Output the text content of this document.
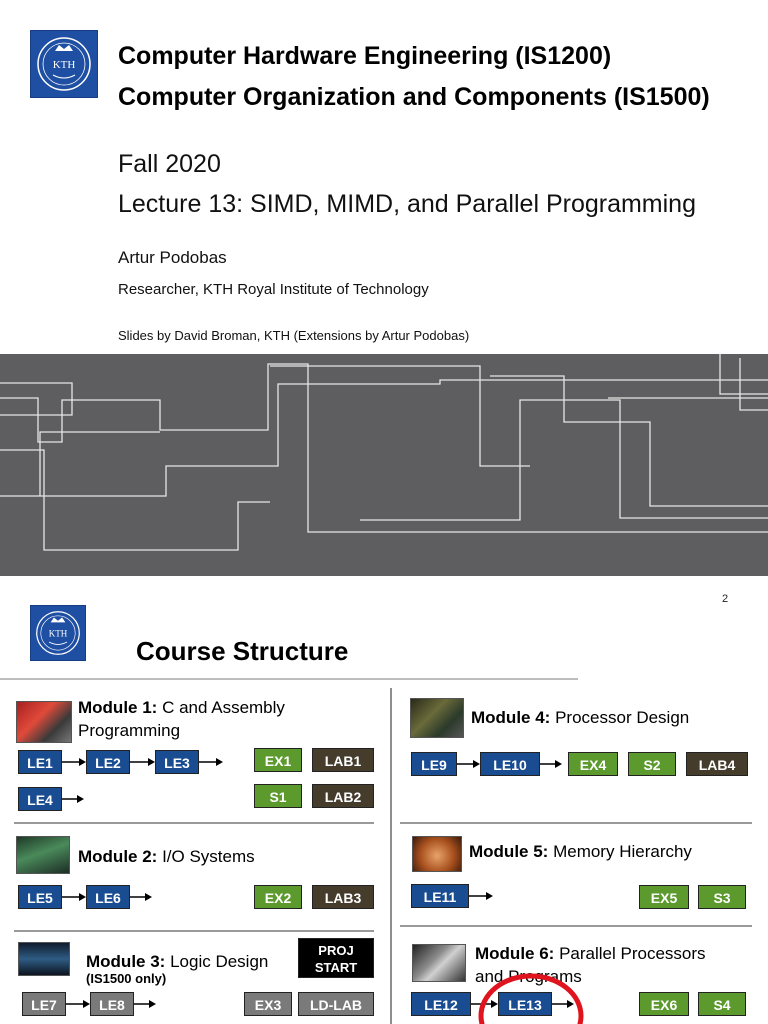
KTH Computer Hardware Engineering (IS1200)
Computer Organization and Components (IS1500)
Fall 2020
Lecture 13: SIMD, MIMD, and Parallel Programming
Artur Podobas
Researcher, KTH Royal Institute of Technology
Slides by David Broman, KTH (Extensions by Artur Podobas)
2
KTH
Course Structure
Module 1: C and Assembly
Programming
LE1	LE2	LE3
LE4
EX1	LAB1
S1	LAB2
Module 2: I/O Systems
LE5	LE6	EX2	LAB3
Module 3: Logic Design
(IS1500 only)
PROJ
START
LE7	LE8	EX3	LD-LAB
Module 4: Processor Design
LE9	LE10	EX4	S2	LAB4
Module 5: Memory Hierarchy
LE11	EX5	S3
Module 6: Parallel Processors
and Programs
LE12	LE13	EX6	S4
